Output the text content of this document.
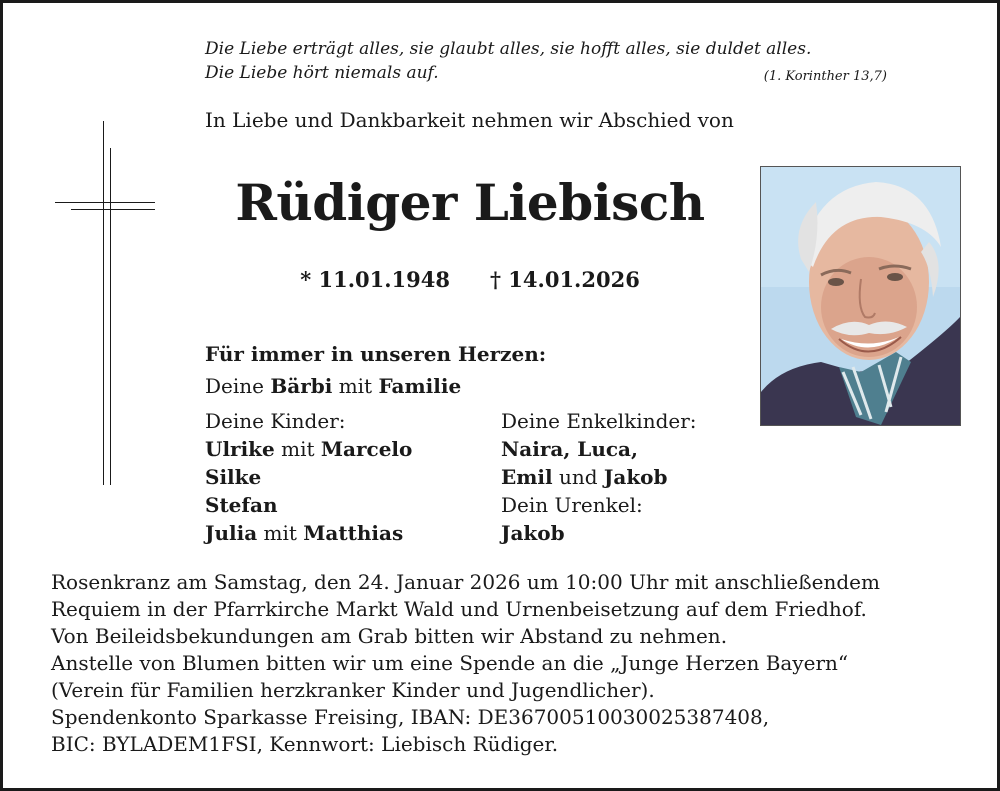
Die Liebe erträgt alles, sie glaubt alles, sie hofft alles, sie duldet alles.
Die Liebe hört niemals auf.	(1. Korinther 13,7)
In Liebe und Dankbarkeit nehmen wir Abschied von
Rüdiger Liebisch
* 11.01.1948 † 14.01.2026
Für immer in unseren Herzen:
Deine Bärbi mit Familie
Deine Kinder:
Ulrike mit Marcelo
Silke
Stefan
Julia mit Matthias
Deine Enkelkinder:
Naira, Luca,
Emil und Jakob
Dein Urenkel:
Jakob
Rosenkranz am Samstag, den 24. Januar 2026 um 10:00 Uhr mit anschließendem
Requiem in der Pfarrkirche Markt Wald und Urnenbeisetzung auf dem Friedhof.
Von Beileidsbekundungen am Grab bitten wir Abstand zu nehmen.
Anstelle von Blumen bitten wir um eine Spende an die „Junge Herzen Bayern“
(Verein für Familien herzkranker Kinder und Jugendlicher).
Spendenkonto Sparkasse Freising, IBAN: DE36700510030025387408,
BIC: BYLADEM1FSI, Kennwort: Liebisch Rüdiger.
